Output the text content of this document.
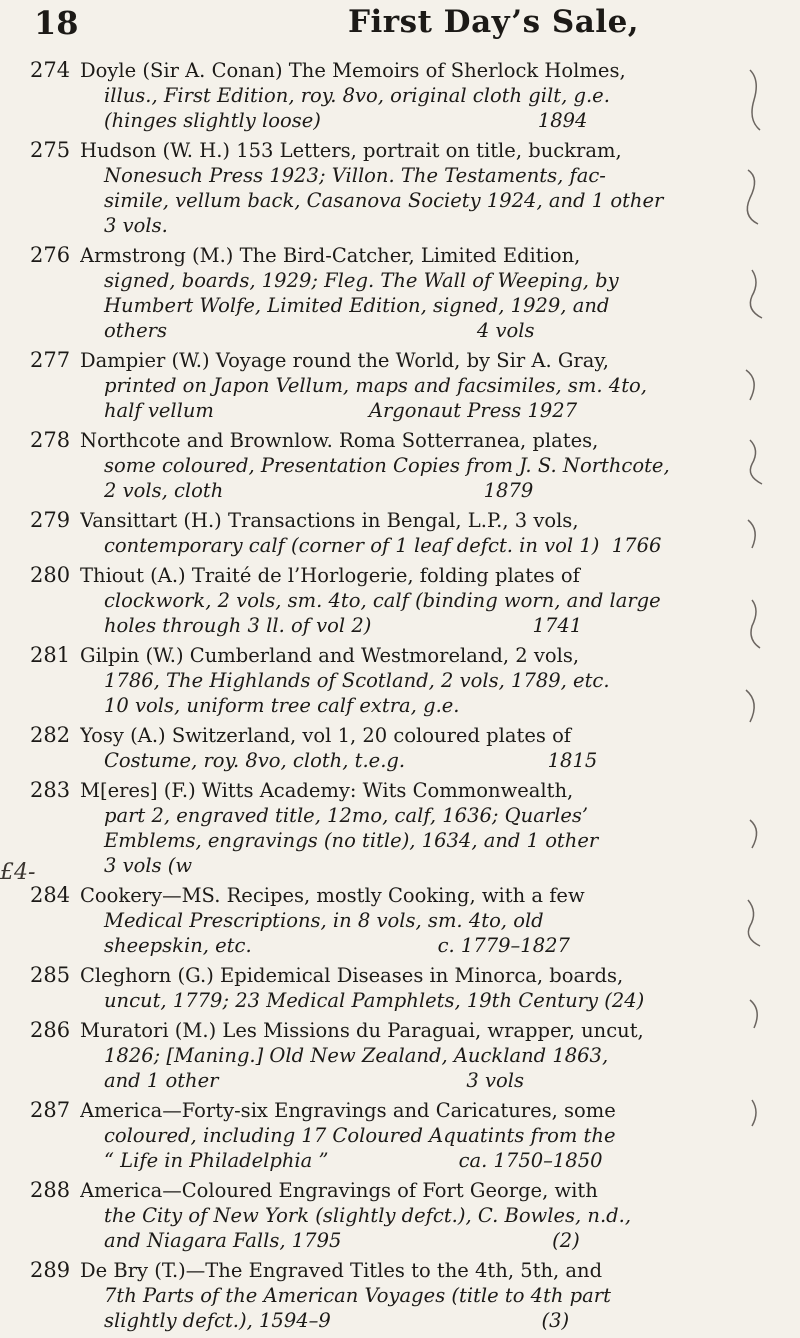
18	First Day’s Sale,
274 Doyle (Sir A. Conan) The Memoirs of Sherlock Holmes,
illus., First Edition, roy. 8vo, original cloth gilt, g.e.
(hinges slightly loose)                                   1894
275 Hudson (W. H.) 153 Letters, portrait on title, buckram,
Nonesuch Press 1923; Villon. The Testaments, fac-
simile, vellum back, Casanova Society 1924, and 1 other
3 vols.
276 Armstrong (M.) The Bird-Catcher, Limited Edition,
signed, boards, 1929; Fleg. The Wall of Weeping, by
Humbert Wolfe, Limited Edition, signed, 1929, and
others                                                  4 vols
277 Dampier (W.) Voyage round the World, by Sir A. Gray,
printed on Japon Vellum, maps and facsimiles, sm. 4to,
half vellum                         Argonaut Press 1927
278 Northcote and Brownlow. Roma Sotterranea, plates,
some coloured, Presentation Copies from J. S. Northcote,
2 vols, cloth                                          1879
279 Vansittart (H.) Transactions in Bengal, L.P., 3 vols,
contemporary calf (corner of 1 leaf defct. in vol 1)  1766
280 Thiout (A.) Traité de l’Horlogerie, folding plates of
clockwork, 2 vols, sm. 4to, calf (binding worn, and large
holes through 3 ll. of vol 2)                          1741
281 Gilpin (W.) Cumberland and Westmoreland, 2 vols,
1786, The Highlands of Scotland, 2 vols, 1789, etc.
10 vols, uniform tree calf extra, g.e.
282 Yosy (A.) Switzerland, vol 1, 20 coloured plates of
Costume, roy. 8vo, cloth, t.e.g.                       1815
283 M[eres] (F.) Witts Academy: Wits Commonwealth,
part 2, engraved title, 12mo, calf, 1636; Quarles’
Emblems, engravings (no title), 1634, and 1 other
3 vols (w
284 Cookery—MS. Recipes, mostly Cooking, with a few
Medical Prescriptions, in 8 vols, sm. 4to, old
sheepskin, etc.                              c. 1779–1827
285 Cleghorn (G.) Epidemical Diseases in Minorca, boards,
uncut, 1779; 23 Medical Pamphlets, 19th Century (24)
286 Muratori (M.) Les Missions du Paraguai, wrapper, uncut,
1826; [Maning.] Old New Zealand, Auckland 1863,
and 1 other                                        3 vols
287 America—Forty-six Engravings and Caricatures, some
coloured, including 17 Coloured Aquatints from the
“ Life in Philadelphia ”                     ca. 1750–1850
288 America—Coloured Engravings of Fort George, with
the City of New York (slightly defct.), C. Bowles, n.d.,
and Niagara Falls, 1795                                  (2)
289 De Bry (T.)—The Engraved Titles to the 4th, 5th, and
7th Parts of the American Voyages (title to 4th part
slightly defct.), 1594–9                                  (3)
£4-
